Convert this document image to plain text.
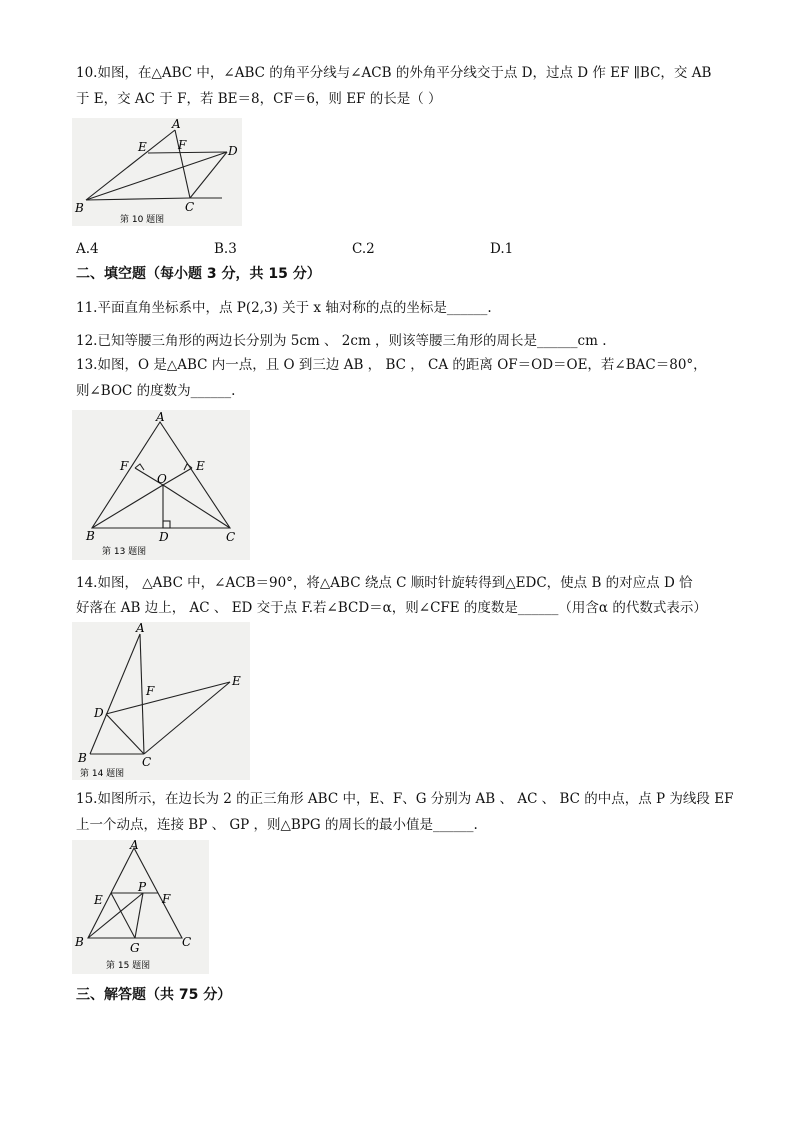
10.如图，在△ABC 中，∠ABC 的角平分线与∠ACB 的外角平分线交于点 D，过点 D 作 EF ∥BC，交 AB
于 E，交 AC 于 F，若 BE＝8，CF＝6，则 EF 的长是（ ）
A
E	F	D
B	C
第 10 题图
A.4	B.3	C.2	D.1
二、填空题（每小题 3 分，共 15 分）
11.平面直角坐标系中，点 P(2,3) 关于 x 轴对称的点的坐标是______.
12.已知等腰三角形的两边长分别为 5cm 、 2cm ，则该等腰三角形的周长是______cm .
13.如图，O 是△ABC 内一点，且 O 到三边 AB ， BC ， CA 的距离 OF＝OD＝OE，若∠BAC＝80°，
则∠BOC 的度数为______.
A
F	E
O
B	D	C
第 13 题图
14.如图， △ABC 中，∠ACB＝90°，将△ABC 绕点 C 顺时针旋转得到△EDC，使点 B 的对应点 D 恰
好落在 AB 边上， AC 、 ED 交于点 F.若∠BCD＝α，则∠CFE 的度数是______（用含α 的代数式表示）
A
F
E
D
B	C
第 14 题图
15.如图所示，在边长为 2 的正三角形 ABC 中，E、F、G 分别为 AB 、 AC 、 BC 的中点，点 P 为线段 EF
上一个动点，连接 BP 、 GP ，则△BPG 的周长的最小值是______.
A
E
P
F
B	G	C
第 15 题图
三、解答题（共 75 分）
